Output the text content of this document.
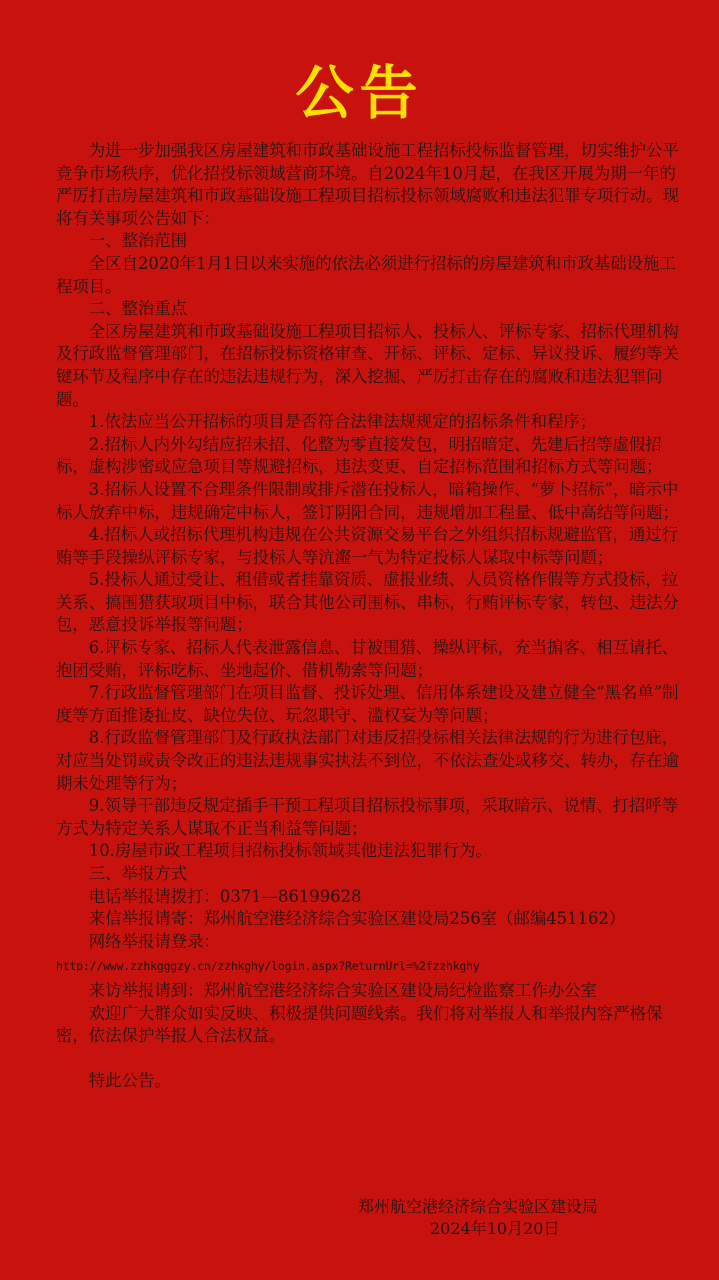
公告

为进一步加强我区房屋建筑和市政基础设施工程招标投标监督管理，切实维护公平竞争市场秩序，优化招投标领域营商环境。自2024年10月起，在我区开展为期一年的严厉打击房屋建筑和市政基础设施工程项目招标投标领域腐败和违法犯罪专项行动。现将有关事项公告如下：

一、整治范围

全区自2020年1月1日以来实施的依法必须进行招标的房屋建筑和市政基础设施工程项目。

二、整治重点

全区房屋建筑和市政基础设施工程项目招标人、投标人、评标专家、招标代理机构及行政监督管理部门，在招标投标资格审查、开标、评标、定标、异议投诉、履约等关键环节及程序中存在的违法违规行为，深入挖掘、严厉打击存在的腐败和违法犯罪问题。

1.依法应当公开招标的项目是否符合法律法规规定的招标条件和程序；

2.招标人内外勾结应招未招、化整为零直接发包，明招暗定、先建后招等虚假招标，虚构涉密或应急项目等规避招标，违法变更、自定招标范围和招标方式等问题；

3.招标人设置不合理条件限制或排斥潜在投标人，暗箱操作、“萝卜招标”，暗示中标人放弃中标，违规确定中标人，签订阴阳合同，违规增加工程量、低中高结等问题；

4.招标人或招标代理机构违规在公共资源交易平台之外组织招标规避监管，通过行贿等手段操纵评标专家，与投标人等沆瀣一气为特定投标人谋取中标等问题；

5.投标人通过受让、租借或者挂靠资质、虚报业绩、人员资格作假等方式投标，拉关系、搞围猎获取项目中标，联合其他公司围标、串标，行贿评标专家，转包、违法分包，恶意投诉举报等问题；

6.评标专家、招标人代表泄露信息、甘被围猎、操纵评标，充当掮客、相互请托、抱团受贿，评标吃标、坐地起价、借机勒索等问题；

7.行政监督管理部门在项目监督、投诉处理、信用体系建设及建立健全“黑名单”制度等方面推诿扯皮、缺位失位、玩忽职守、滥权妄为等问题；

8.行政监督管理部门及行政执法部门对违反招投标相关法律法规的行为进行包庇，对应当处罚或责令改正的违法违规事实执法不到位，不依法查处或移交、转办，存在逾期未处理等行为；

9.领导干部违反规定插手干预工程项目招标投标事项，采取暗示、说情、打招呼等方式为特定关系人谋取不正当利益等问题；

10.房屋市政工程项目招标投标领域其他违法犯罪行为。

三、举报方式

电话举报请拨打：0371—86199628

来信举报请寄：郑州航空港经济综合实验区建设局256室（邮编451162）

网络举报请登录：

http://www.zzhkgggzy.cn/zzhkghy/login.aspx?ReturnUrl=%2fzzhkghy

来访举报请到：郑州航空港经济综合实验区建设局纪检监察工作办公室

欢迎广大群众如实反映、积极提供问题线索。我们将对举报人和举报内容严格保密，依法保护举报人合法权益。

特此公告。

郑州航空港经济综合实验区建设局
2024年10月20日
